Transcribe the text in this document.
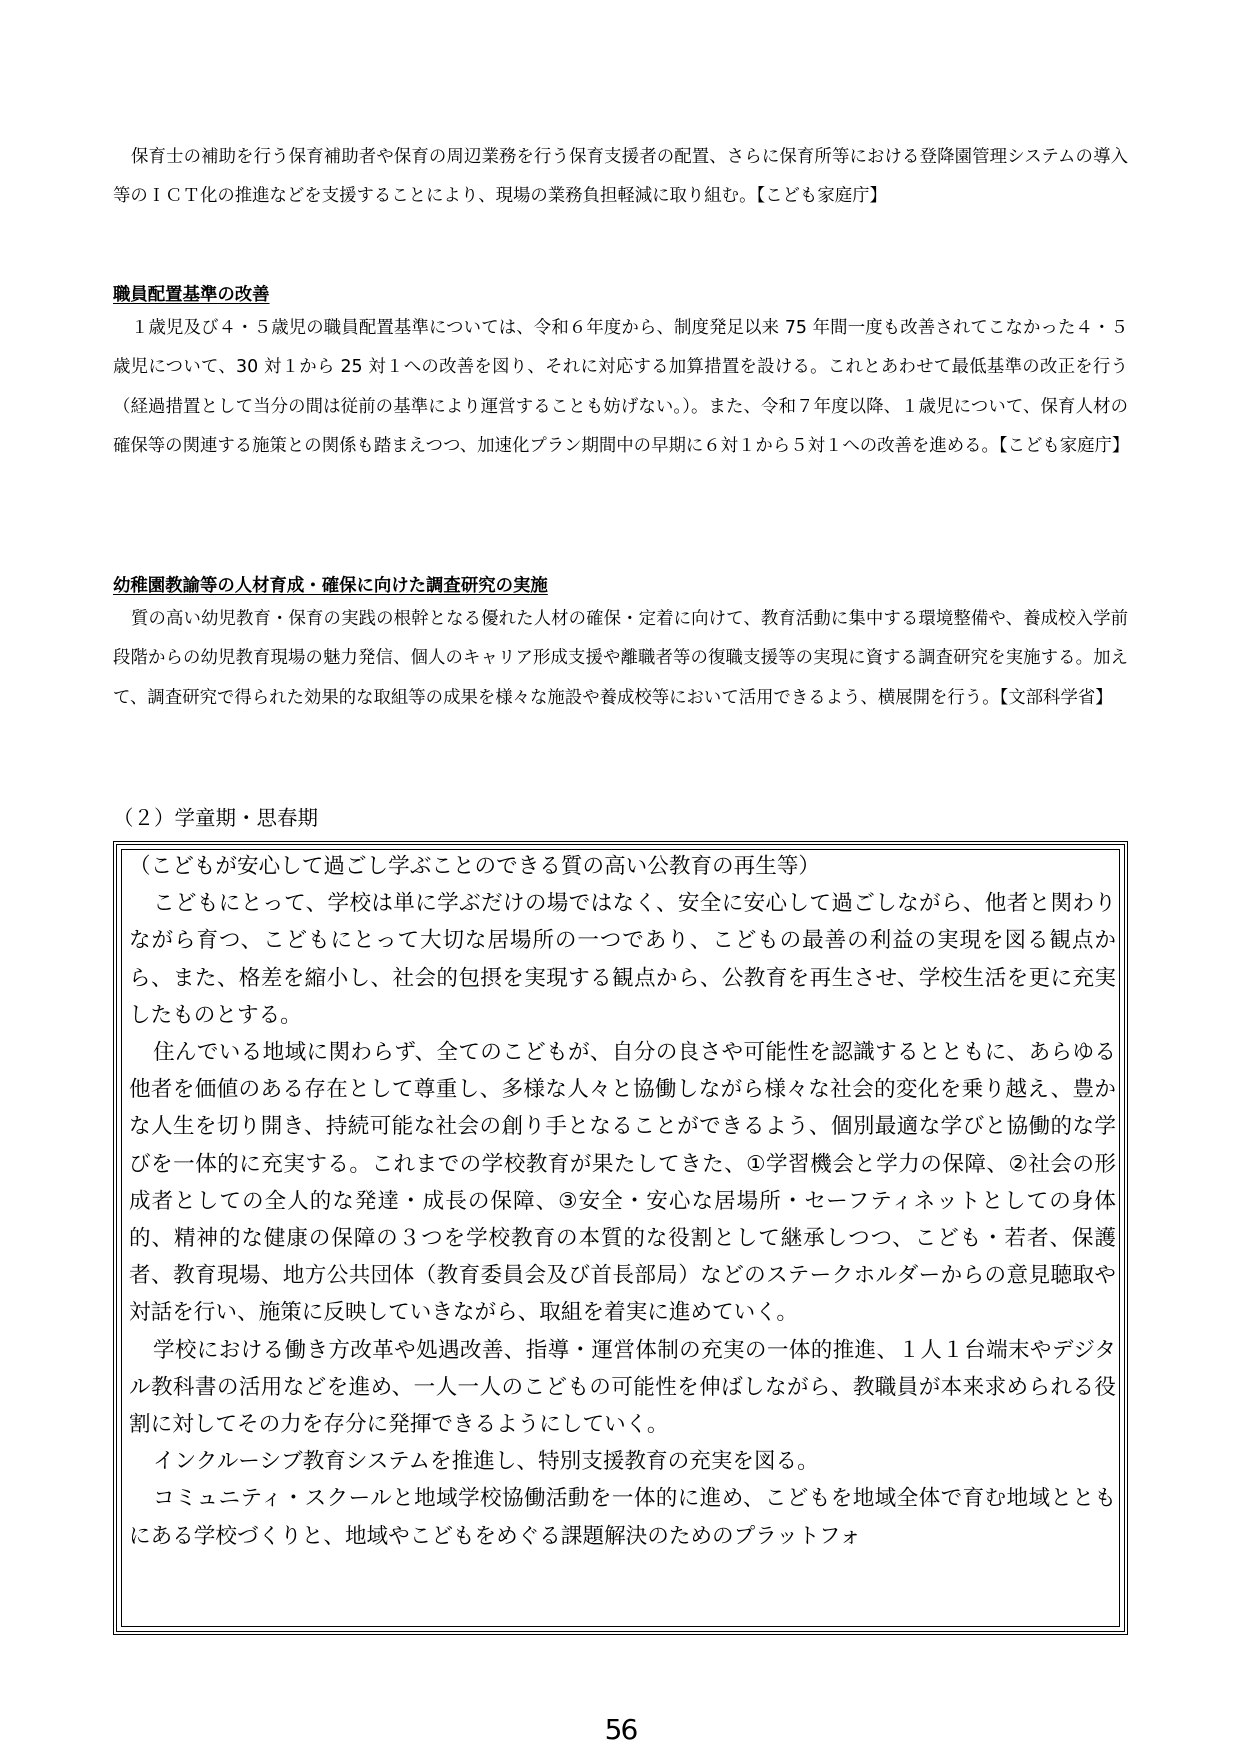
保育士の補助を行う保育補助者や保育の周辺業務を行う保育支援者の配置、さらに保育所等における登降園管理システムの導入等のＩＣＴ化の推進などを支援することにより、現場の業務負担軽減に取り組む。【こども家庭庁】

職員配置基準の改善

１歳児及び４・５歳児の職員配置基準については、令和６年度から、制度発足以来 75 年間一度も改善されてこなかった４・５歳児について、30 対１から 25 対１への改善を図り、それに対応する加算措置を設ける。これとあわせて最低基準の改正を行う（経過措置として当分の間は従前の基準により運営することも妨げない。）。また、令和７年度以降、１歳児について、保育人材の確保等の関連する施策との関係も踏まえつつ、加速化プラン期間中の早期に６対１から５対１への改善を進める。【こども家庭庁】

幼稚園教諭等の人材育成・確保に向けた調査研究の実施

質の高い幼児教育・保育の実践の根幹となる優れた人材の確保・定着に向けて、教育活動に集中する環境整備や、養成校入学前段階からの幼児教育現場の魅力発信、個人のキャリア形成支援や離職者等の復職支援等の実現に資する調査研究を実施する。加えて、調査研究で得られた効果的な取組等の成果を様々な施設や養成校等において活用できるよう、横展開を行う。【文部科学省】

（２）学童期・思春期

（こどもが安心して過ごし学ぶことのできる質の高い公教育の再生等）

こどもにとって、学校は単に学ぶだけの場ではなく、安全に安心して過ごしながら、他者と関わりながら育つ、こどもにとって大切な居場所の一つであり、こどもの最善の利益の実現を図る観点から、また、格差を縮小し、社会的包摂を実現する観点から、公教育を再生させ、学校生活を更に充実したものとする。

住んでいる地域に関わらず、全てのこどもが、自分の良さや可能性を認識するとともに、あらゆる他者を価値のある存在として尊重し、多様な人々と協働しながら様々な社会的変化を乗り越え、豊かな人生を切り開き、持続可能な社会の創り手となることができるよう、個別最適な学びと協働的な学びを一体的に充実する。これまでの学校教育が果たしてきた、①学習機会と学力の保障、②社会の形成者としての全人的な発達・成長の保障、③安全・安心な居場所・セーフティネットとしての身体的、精神的な健康の保障の３つを学校教育の本質的な役割として継承しつつ、こども・若者、保護者、教育現場、地方公共団体（教育委員会及び首長部局）などのステークホルダーからの意見聴取や対話を行い、施策に反映していきながら、取組を着実に進めていく。

学校における働き方改革や処遇改善、指導・運営体制の充実の一体的推進、１人１台端末やデジタル教科書の活用などを進め、一人一人のこどもの可能性を伸ばしながら、教職員が本来求められる役割に対してその力を存分に発揮できるようにしていく。

インクルーシブ教育システムを推進し、特別支援教育の充実を図る。

コミュニティ・スクールと地域学校協働活動を一体的に進め、こどもを地域全体で育む地域とともにある学校づくりと、地域やこどもをめぐる課題解決のためのプラットフォ

56
